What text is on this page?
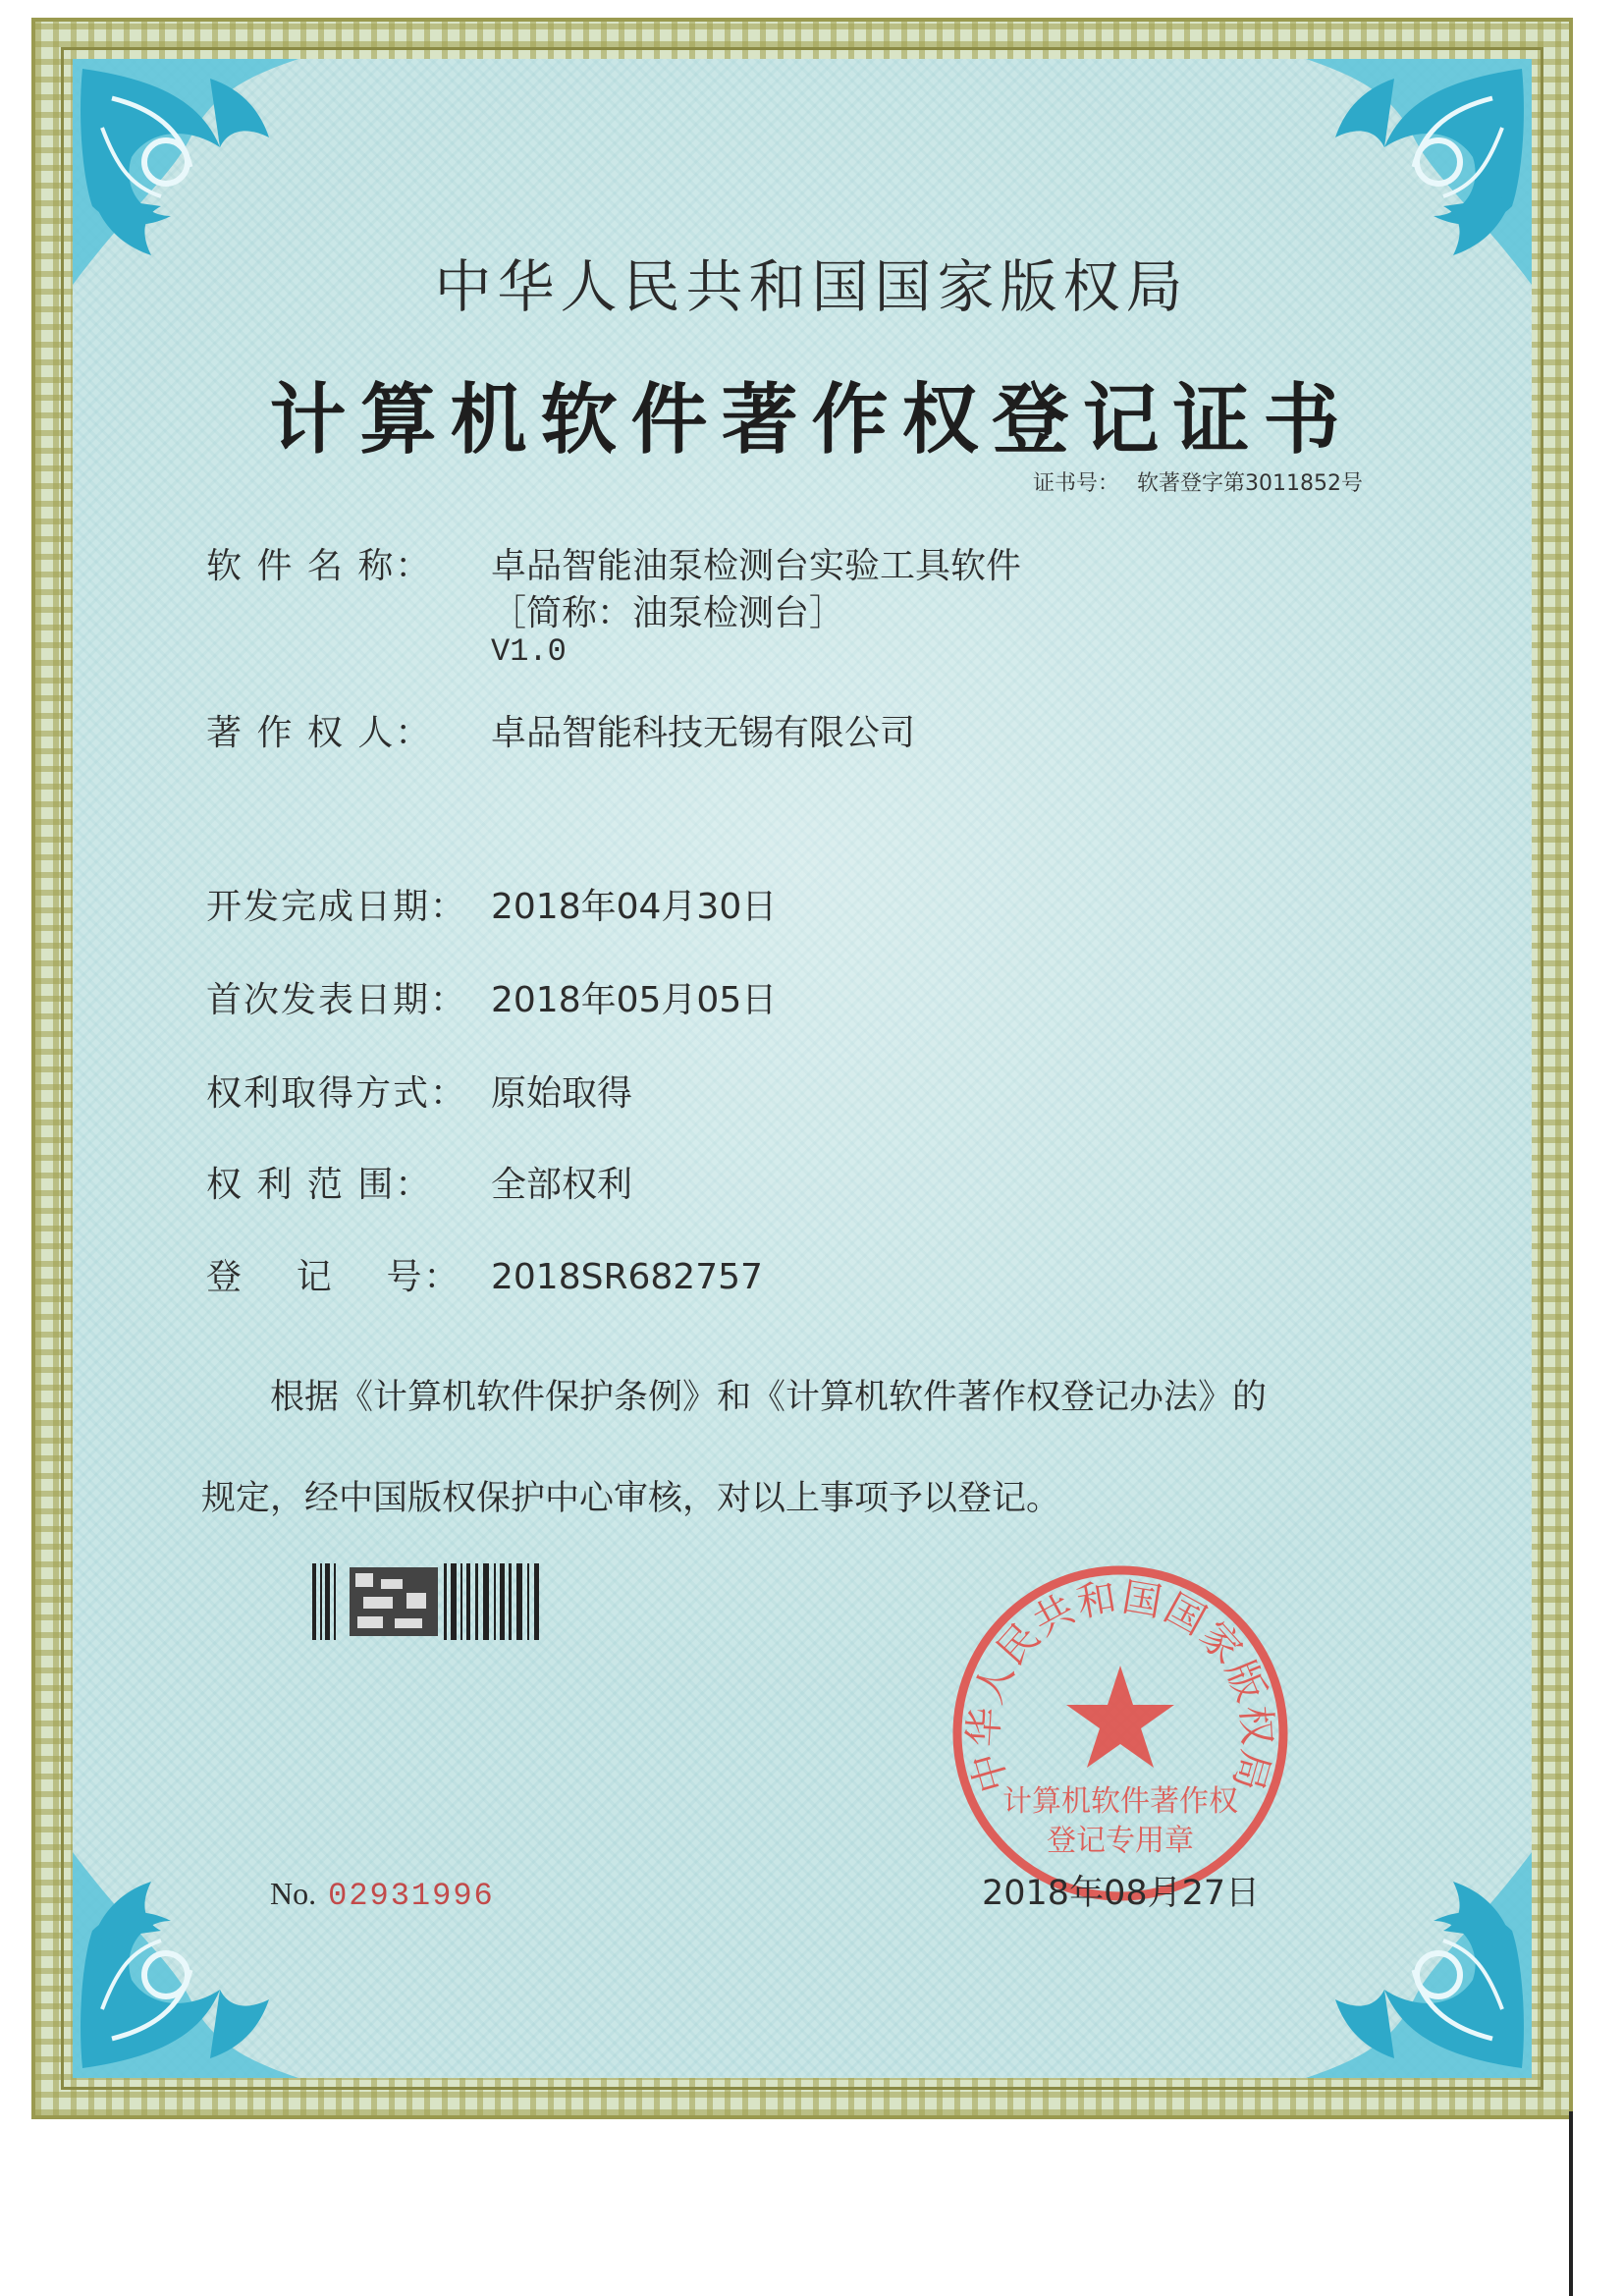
中华人民共和国国家版权局
计算机软件著作权登记证书
证书号： 软著登字第3011852号
软 件 名 称： 卓品智能油泵检测台实验工具软件
［简称：油泵检测台］
V1.0
著 作 权 人： 卓品智能科技无锡有限公司
开发完成日期： 2018年04月30日
首次发表日期： 2018年05月05日
权利取得方式： 原始取得
权 利 范 围： 全部权利
登    记    号： 2018SR682757
根据《计算机软件保护条例》和《计算机软件著作权登记办法》的
规定，经中国版权保护中心审核，对以上事项予以登记。
中华人民共和国国家版权局
计算机软件著作权
登记专用章
No. 02931996	2018年08月27日
